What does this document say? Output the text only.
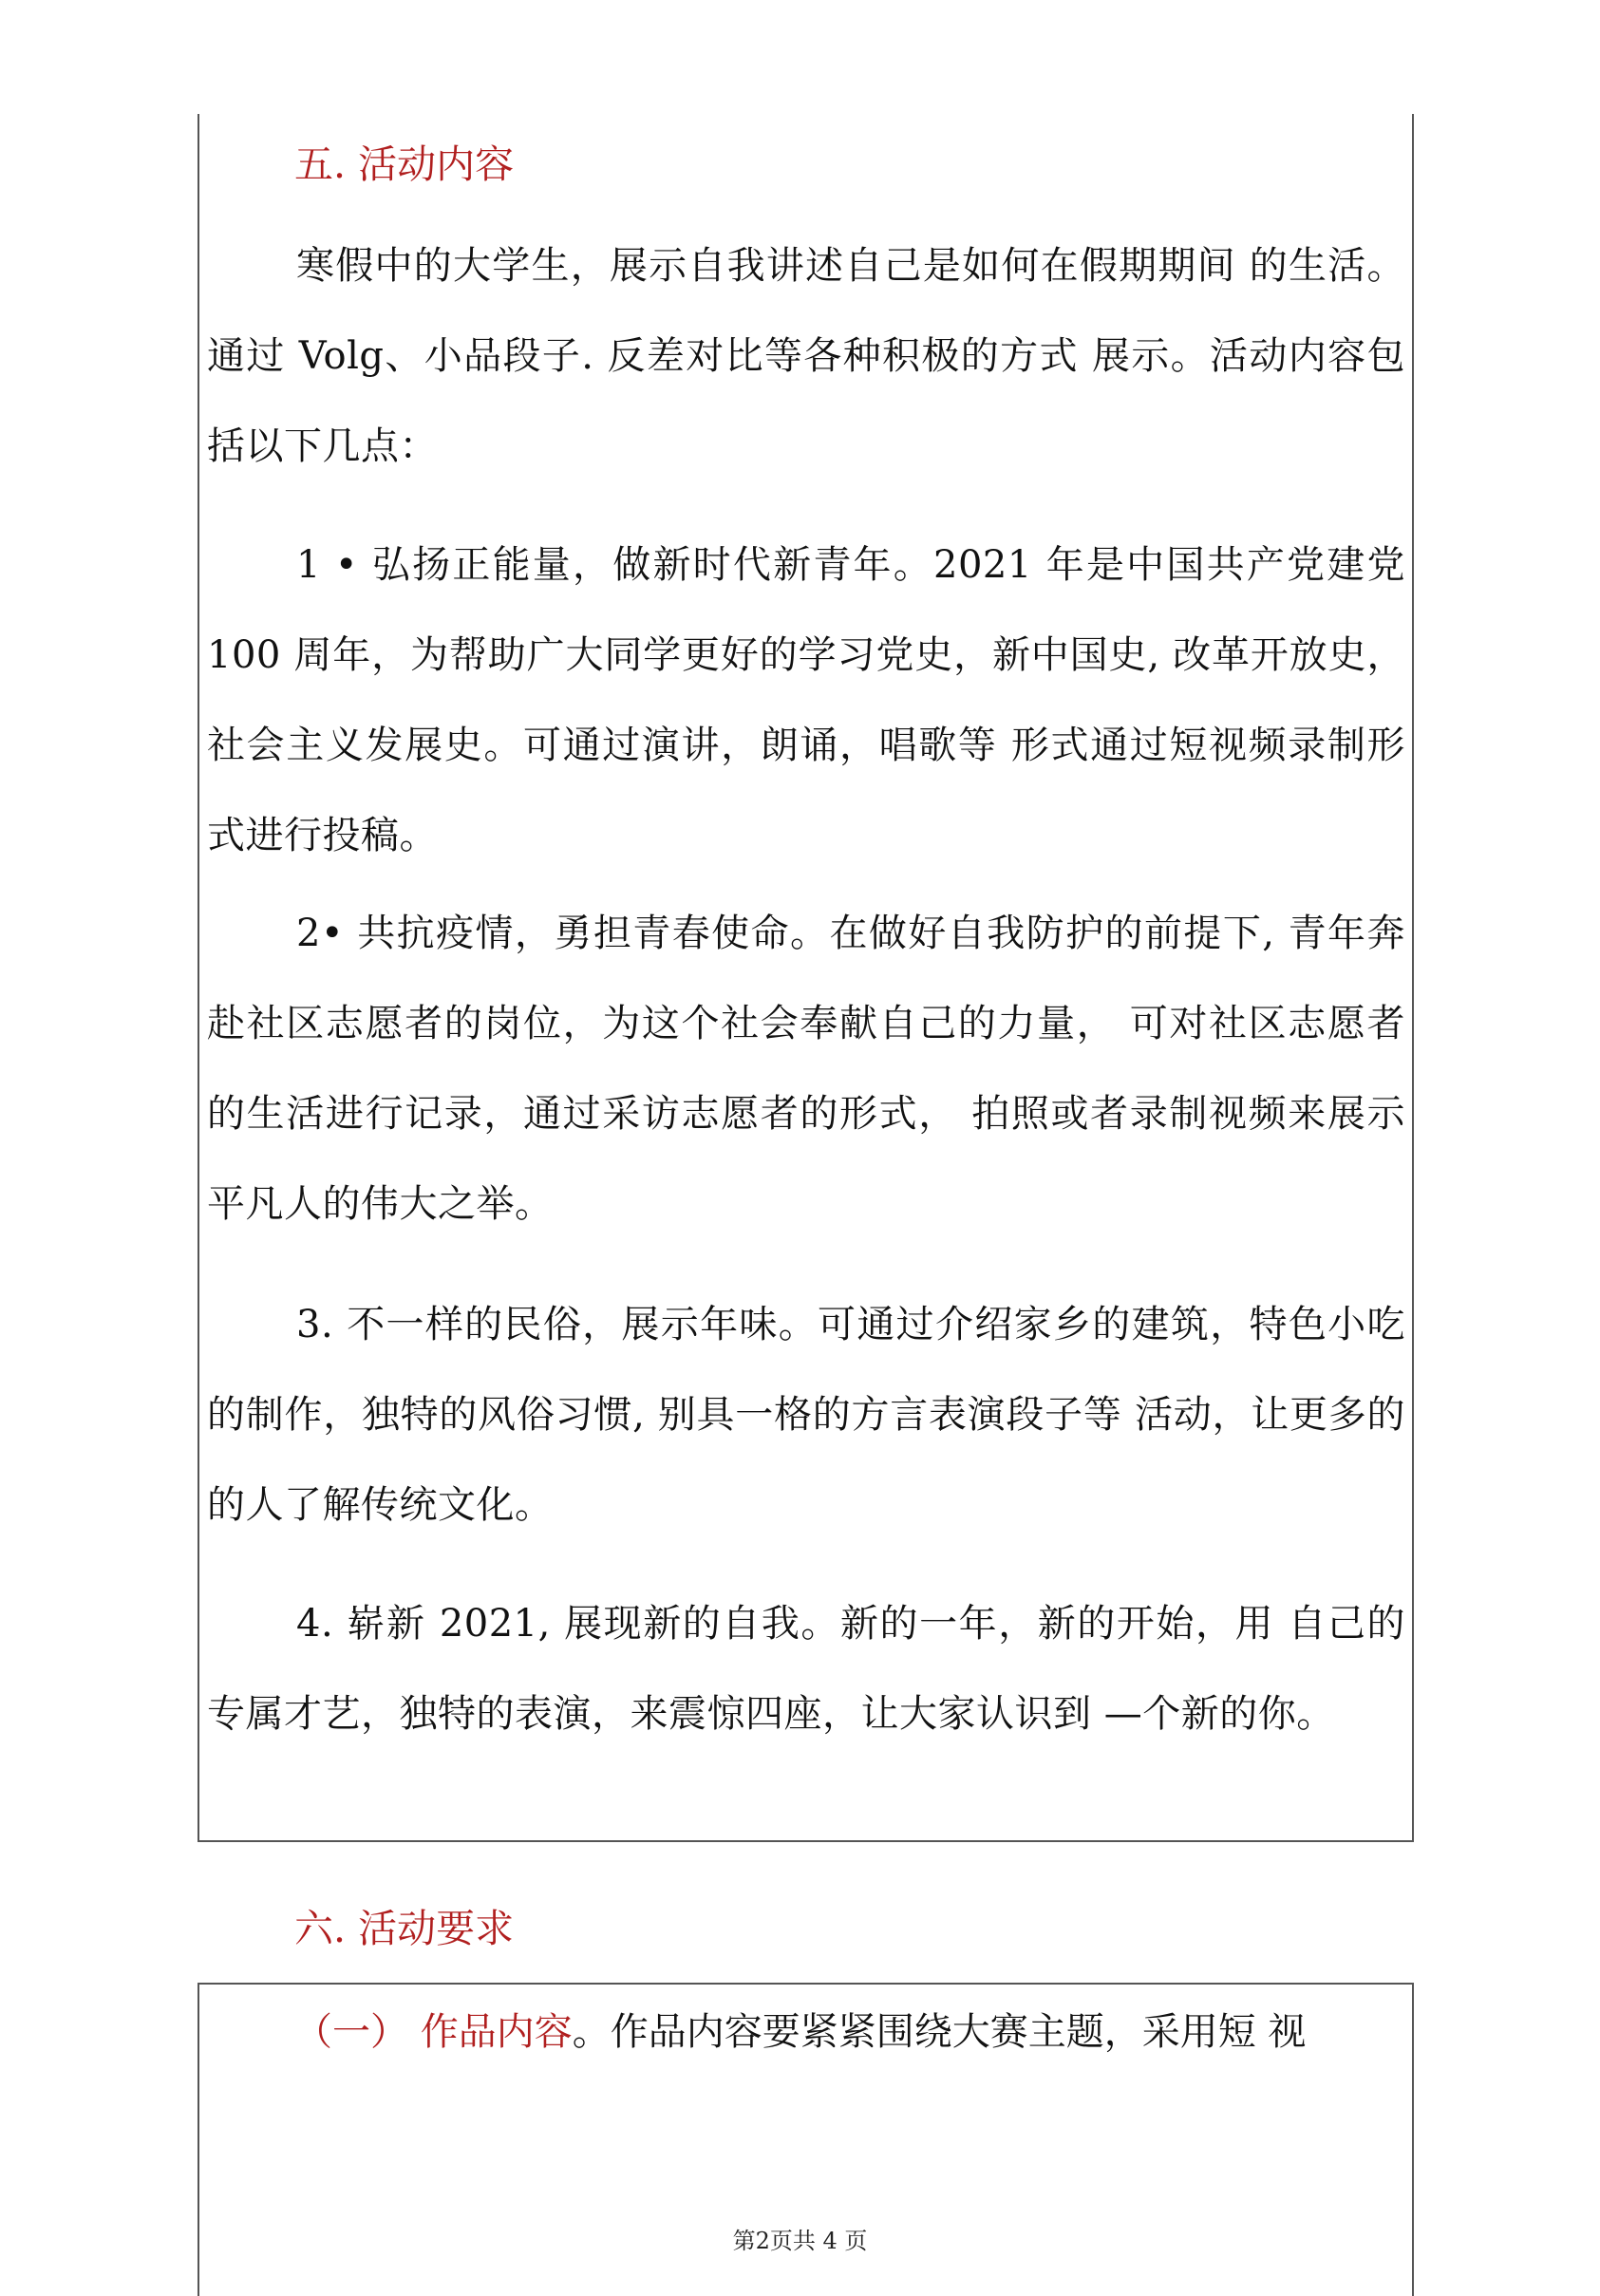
五. 活动内容

寒假中的大学生，展示自我讲述自己是如何在假期期间 的生活。通过 Volg、小品段子. 反差对比等各种积极的方式 展示。活动内容包括以下几点：

1 • 弘扬正能量，做新时代新青年。2021 年是中国共产党建党 100 周年，为帮助广大同学更好的学习党史，新中国史, 改革开放史，社会主义发展史。可通过演讲，朗诵，唱歌等 形式通过短视频录制形式进行投稿。

2• 共抗疫情，勇担青春使命。在做好自我防护的前提下, 青年奔赴社区志愿者的岗位，为这个社会奉献自己的力量， 可对社区志愿者的生活进行记录，通过采访志愿者的形式， 拍照或者录制视频来展示平凡人的伟大之举。

3. 不一样的民俗，展示年味。可通过介绍家乡的建筑，特色小吃的制作，独特的风俗习惯, 别具一格的方言表演段子等 活动，让更多的的人了解传统文化。

4. 崭新 2021, 展现新的自我。新的一年，新的开始，用 自己的专属才艺，独特的表演，来震惊四座，让大家认识到 —个新的你。

六. 活动要求
（一） 作品内容。作品内容要紧紧围绕大赛主题，采用短 视
第2页共 4 页
